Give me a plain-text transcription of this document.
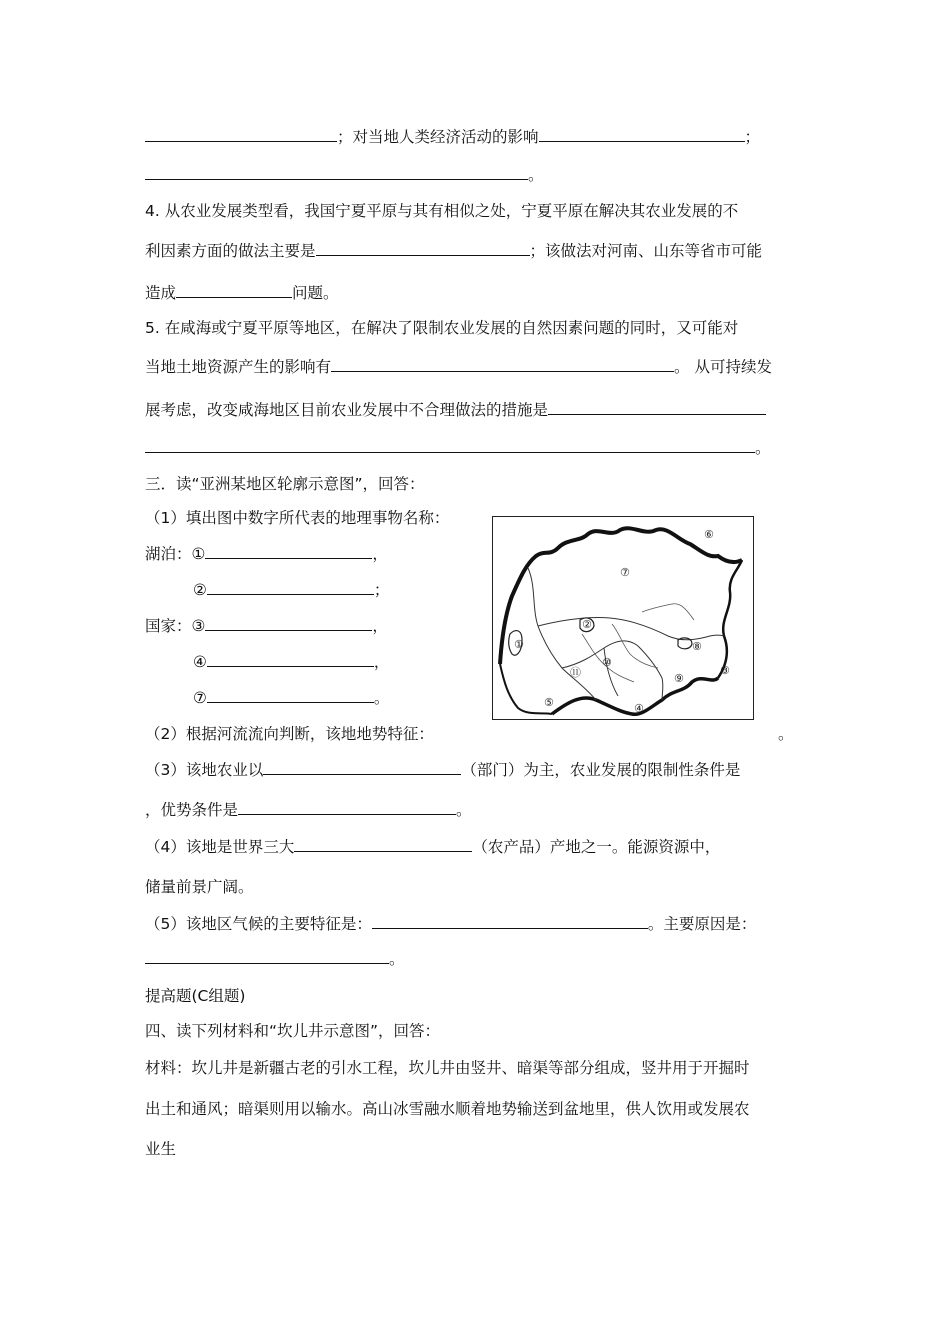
；对当地人类经济活动的影响	；
。
4. 从农业发展类型看，我国宁夏平原与其有相似之处，宁夏平原在解决其农业发展的不
利因素方面的做法主要是	；该做法对河南、山东等省市可能
造成	问题。
5. 在咸海或宁夏平原等地区，在解决了限制农业发展的自然因素问题的同时，又可能对
当地土地资源产生的影响有	。 从可持续发
展考虑，改变咸海地区目前农业发展中不合理做法的措施是
。
三．读“亚洲某地区轮廓示意图”，回答：
（1）填出图中数字所代表的地理事物名称：
湖泊：①	，
②	；
国家：③	，
④	，
⑦	。
①
②
③
④
⑤
⑥
⑦
⑧
⑨
⑩
⑪
（2）根据河流流向判断，该地地势特征：	。
（3）该地农业以	（部门）为主，农业发展的限制性条件是
，优势条件是	。
（4）该地是世界三大	（农产品）产地之一。能源资源中，
储量前景广阔。
（5）该地区气候的主要特征是：	。主要原因是：
。
提高题(C组题)
四、读下列材料和“坎儿井示意图”，回答：
材料：坎儿井是新疆古老的引水工程，坎儿井由竖井、暗渠等部分组成，竖井用于开掘时
出土和通风；暗渠则用以输水。高山冰雪融水顺着地势输送到盆地里，供人饮用或发展农
业生
